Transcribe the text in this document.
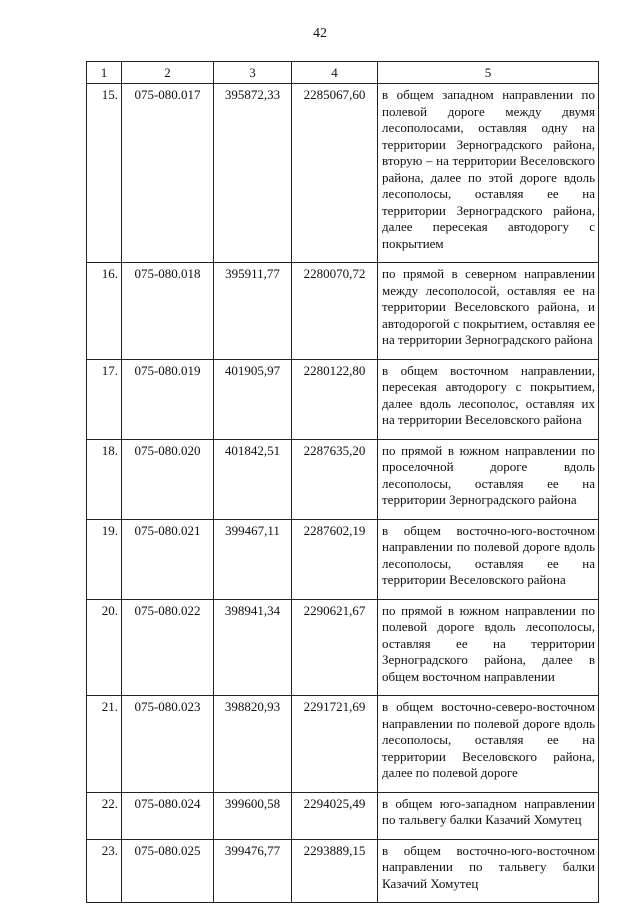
42
1	2	3	4	5
15.	075-080.017	395872,33	2285067,60	в общем западном направлении по полевой дороге между двумя лесополосами, оставляя одну на территории Зерноградского района, вторую – на территории Веселовского района, далее по этой дороге вдоль лесополосы, оставляя ее на территории Зерноградского района, далее пересекая автодорогу с покрытием
16.	075-080.018	395911,77	2280070,72	по прямой в северном направлении между лесополосой, оставляя ее на территории Веселовского района, и автодорогой с покрытием, оставляя ее на территории Зерноградского района
17.	075-080.019	401905,97	2280122,80	в общем восточном направлении, пересекая автодорогу с покрытием, далее вдоль лесополос, оставляя их на территории Веселовского района
18.	075-080.020	401842,51	2287635,20	по прямой в южном направлении по проселочной дороге вдоль лесополосы, оставляя ее на территории Зерноградского района
19.	075-080.021	399467,11	2287602,19	в общем восточно-юго-восточном направлении по полевой дороге вдоль лесополосы, оставляя ее на территории Веселовского района
20.	075-080.022	398941,34	2290621,67	по прямой в южном направлении по полевой дороге вдоль лесополосы, оставляя ее на территории Зерноградского района, далее в общем восточном направлении
21.	075-080.023	398820,93	2291721,69	в общем восточно-северо-восточном направлении по полевой дороге вдоль лесополосы, оставляя ее на территории Веселовского района, далее по полевой дороге
22.	075-080.024	399600,58	2294025,49	в общем юго-западном направлении по тальвегу балки Казачий Хомутец
23.	075-080.025	399476,77	2293889,15	в общем восточно-юго-восточном направлении по тальвегу балки Казачий Хомутец
